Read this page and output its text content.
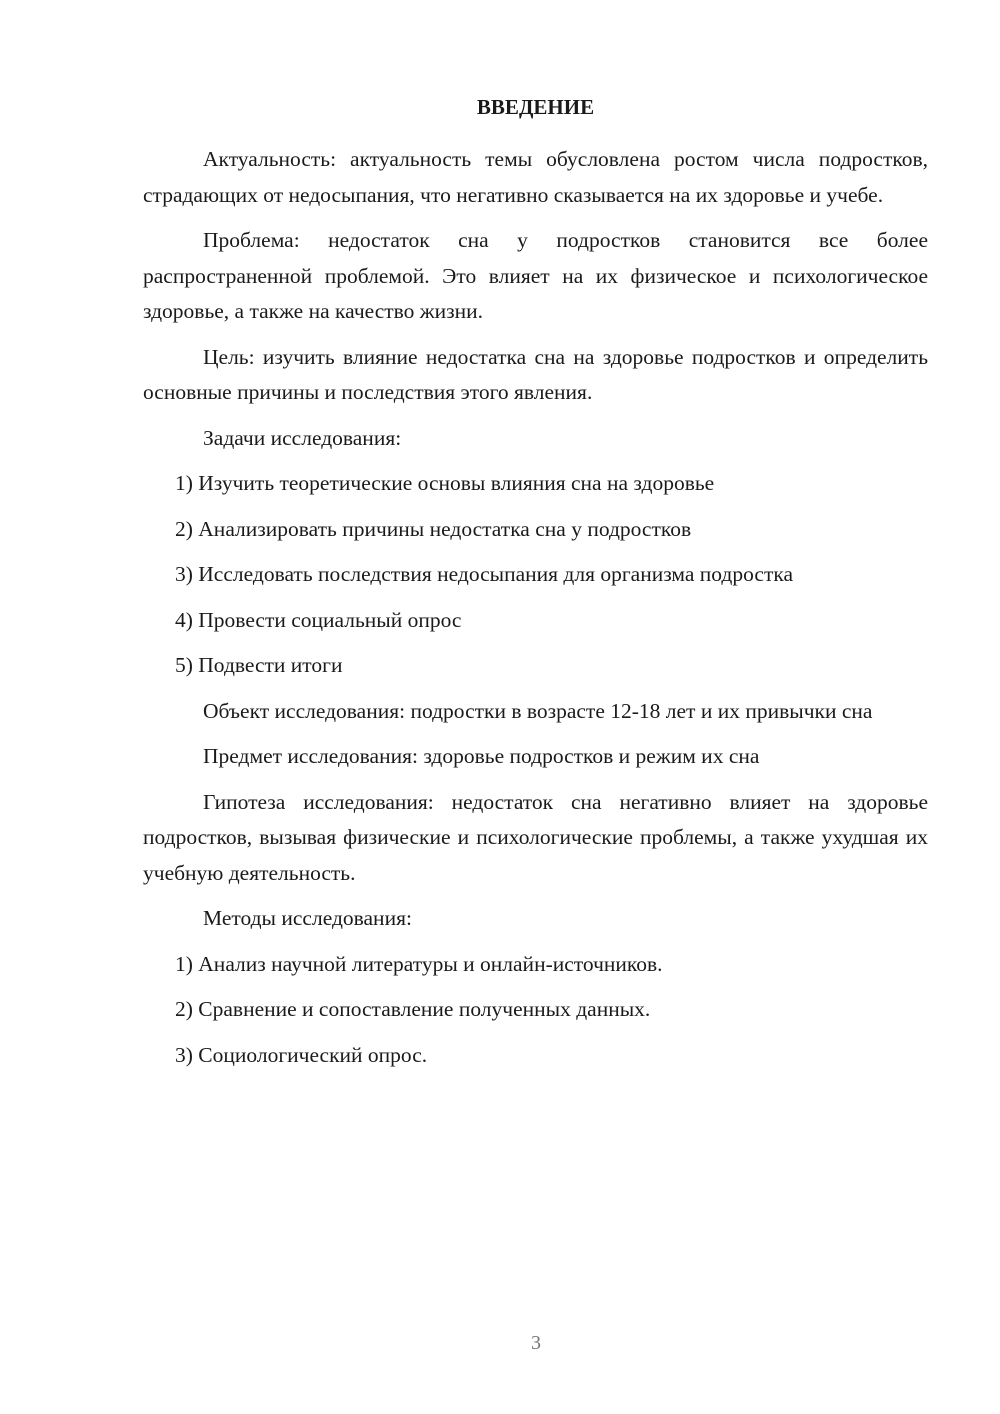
ВВЕДЕНИЕ

Актуальность: актуальность темы обусловлена ростом числа подростков, страдающих от недосыпания, что негативно сказывается на их здоровье и учебе.

Проблема: недостаток сна у подростков становится все более распространенной проблемой. Это влияет на их физическое и психологическое здоровье, а также на качество жизни.

Цель: изучить влияние недостатка сна на здоровье подростков и определить основные причины и последствия этого явления.

Задачи исследования:

1) Изучить теоретические основы влияния сна на здоровье
2) Анализировать причины недостатка сна у подростков
3) Исследовать последствия недосыпания для организма подростка
4) Провести социальный опрос
5) Подвести итоги

Объект исследования: подростки в возрасте 12-18 лет и их привычки сна

Предмет исследования: здоровье подростков и режим их сна

Гипотеза исследования: недостаток сна негативно влияет на здоровье подростков, вызывая физические и психологические проблемы, а также ухудшая их учебную деятельность.

Методы исследования:

1) Анализ научной литературы и онлайн-источников.
2) Сравнение и сопоставление полученных данных.
3) Социологический опрос.
3
